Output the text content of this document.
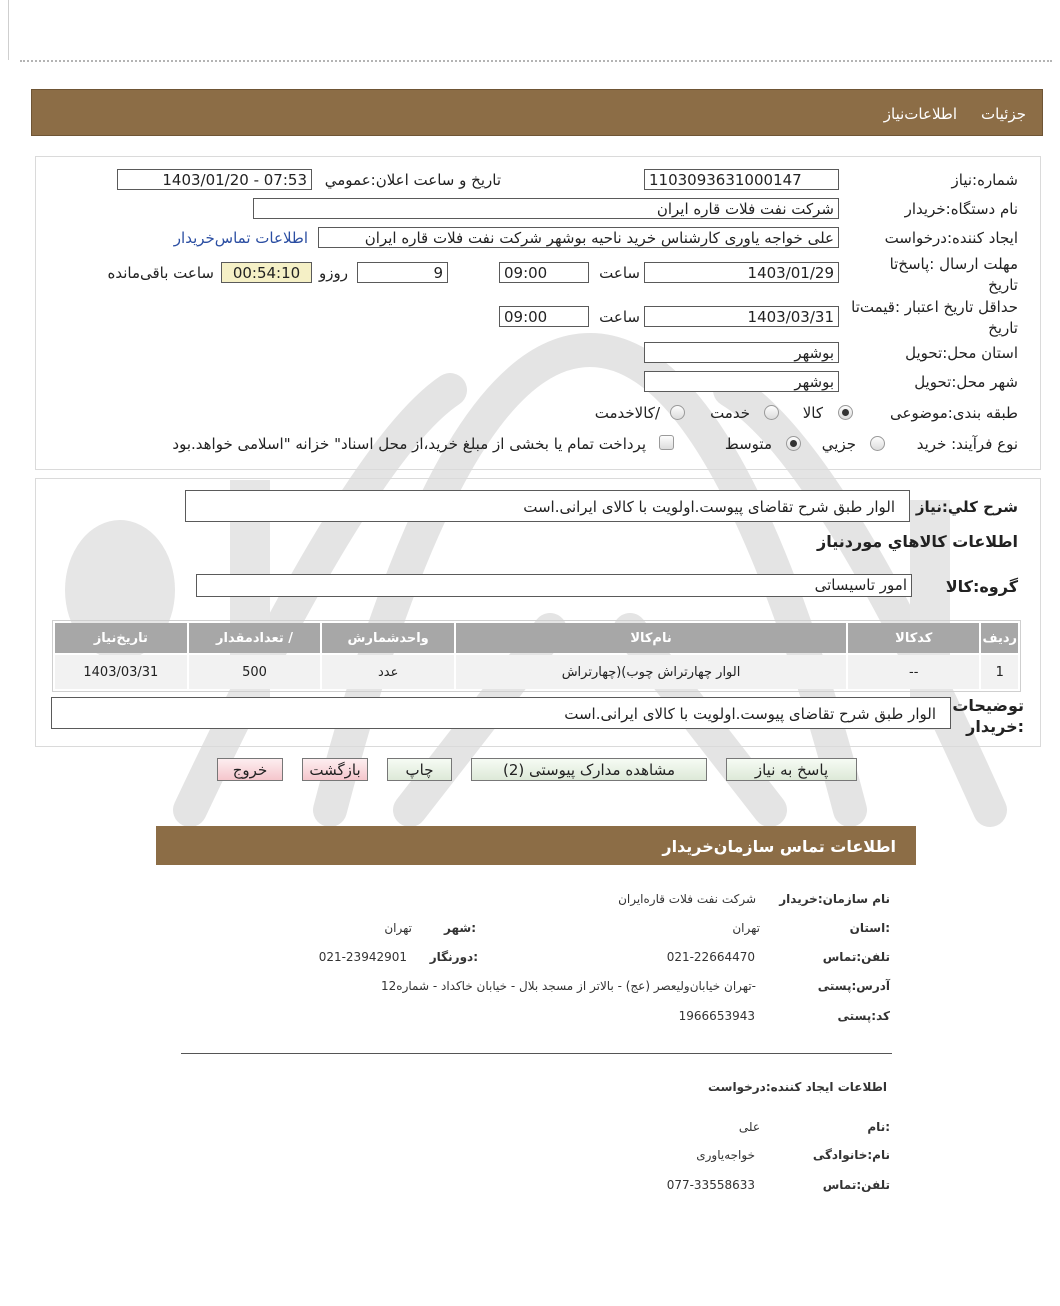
جزئیات
اطلاعات‌نیاز
شماره:نیاز
1103093631000147
تاریخ و ساعت اعلان:عمومي
1403/01/20 - 07:53
نام دستگاه:خریدار
شرکت نفت فلات قاره ایران
ایجاد کننده:درخواست
علی خواجه یاوری کارشناس خرید ناحیه بوشهر شرکت نفت فلات قاره ایران
اطلاعات تماس‌خریدار
مهلت ارسال :پاسخ‌تا تاریخ
1403/01/29
ساعت
09:00
9
روزو
00:54:10
ساعت باقی‌مانده
حداقل تاریخ اعتبار :قیمت‌تا تاریخ
1403/03/31
ساعت
09:00
استان محل:تحویل
بوشهر
شهر محل:تحویل
بوشهر
طبقه بندی:موضوعی
کالا
خدمت
/کالاخدمت
نوع فرآیند: خرید
جزيي
متوسط
پرداخت تمام یا بخشی از مبلغ خرید،از محل اسناد" خزانه "اسلامی خواهد.بود
شرح کلي:نیاز
الوار طبق شرح تقاضای پیوست.اولویت با کالای ایرانی.است
اطلاعات کالاهاي موردنياز
گروه:کالا
امور تاسیساتی
ردیف	کدکالا	نام‌کالا	واحدشمارش	/ تعدادمقدار	تاریخ‌نیاز
1	--	الوار چهارتراش چوب)(چهارتراش	عدد	500	1403/03/31
توضیحات :خریدار
الوار طبق شرح تقاضای پیوست.اولویت با کالای ایرانی.است
پاسخ به نیاز
مشاهده مدارک پیوستی (2)
چاپ
بازگشت
خروج
اطلاعات تماس سازمان‌خریدار
نام سازمان:خریدار
شرکت نفت فلات قاره‌ایران
:استان
تهران
:شهر
تهران
تلفن:تماس
021-22664470
:دورنگار
021-23942901
آدرس:پستی
-تهران خیابان‌ولیعصر (عج) - بالاتر از مسجد بلال - خیابان خاکداد - شماره12
کد:پستی
1966653943
اطلاعات ایجاد کننده:درخواست
:نام
علی
نام:خانوادگی
خواجه‌یاوری
تلفن:تماس
077-33558633
